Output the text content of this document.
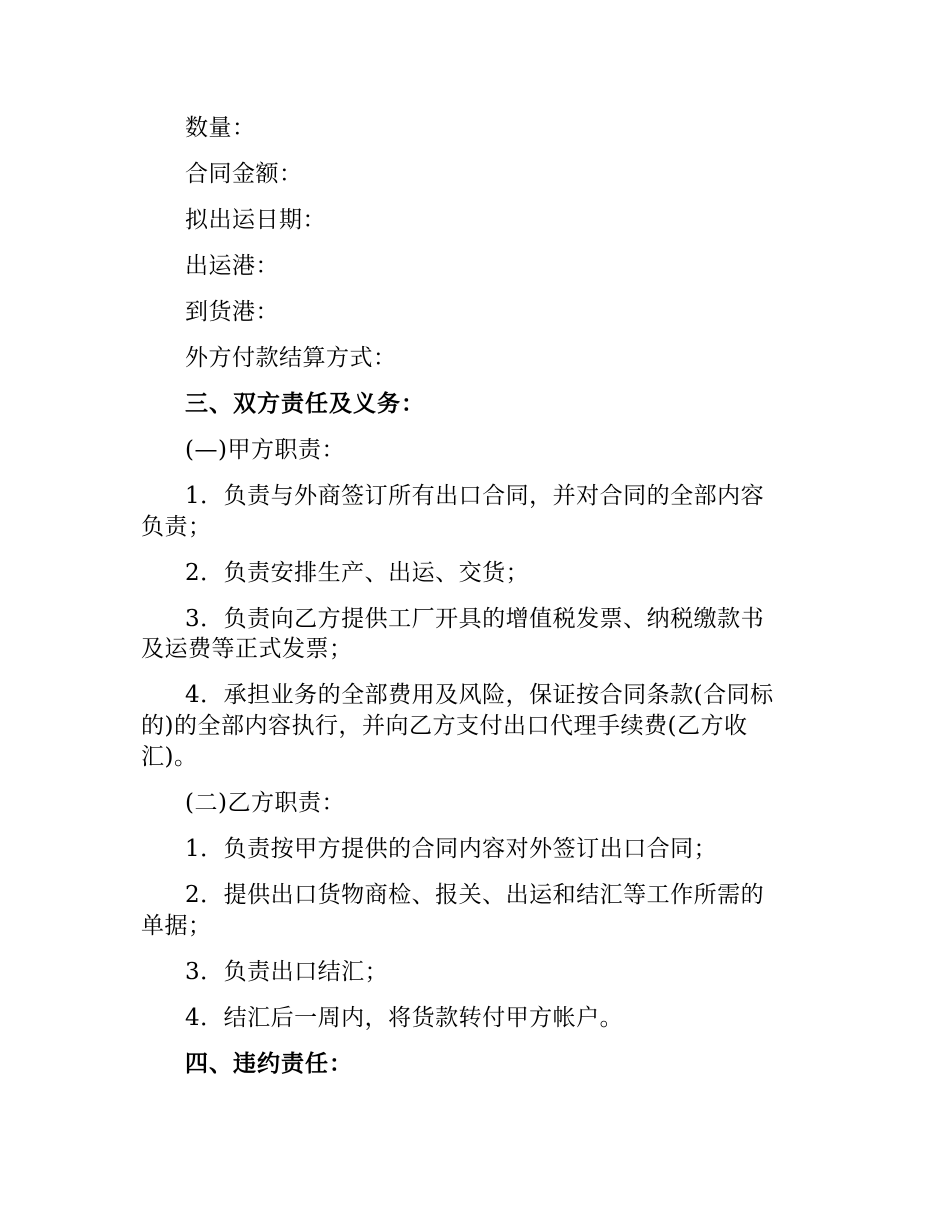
数量：
合同金额：
拟出运日期：
出运港：
到货港：
外方付款结算方式：
三、双方责任及义务：
(—)甲方职责：
1．负责与外商签订所有出口合同，并对合同的全部内容
负责；
2．负责安排生产、出运、交货；
3．负责向乙方提供工厂开具的增值税发票、纳税缴款书
及运费等正式发票；
4．承担业务的全部费用及风险，保证按合同条款(合同标
的)的全部内容执行，并向乙方支付出口代理手续费(乙方收
汇)。
(二)乙方职责：
1．负责按甲方提供的合同内容对外签订出口合同；
2．提供出口货物商检、报关、出运和结汇等工作所需的
单据；
3．负责出口结汇；
4．结汇后一周内，将货款转付甲方帐户。
四、违约责任：
